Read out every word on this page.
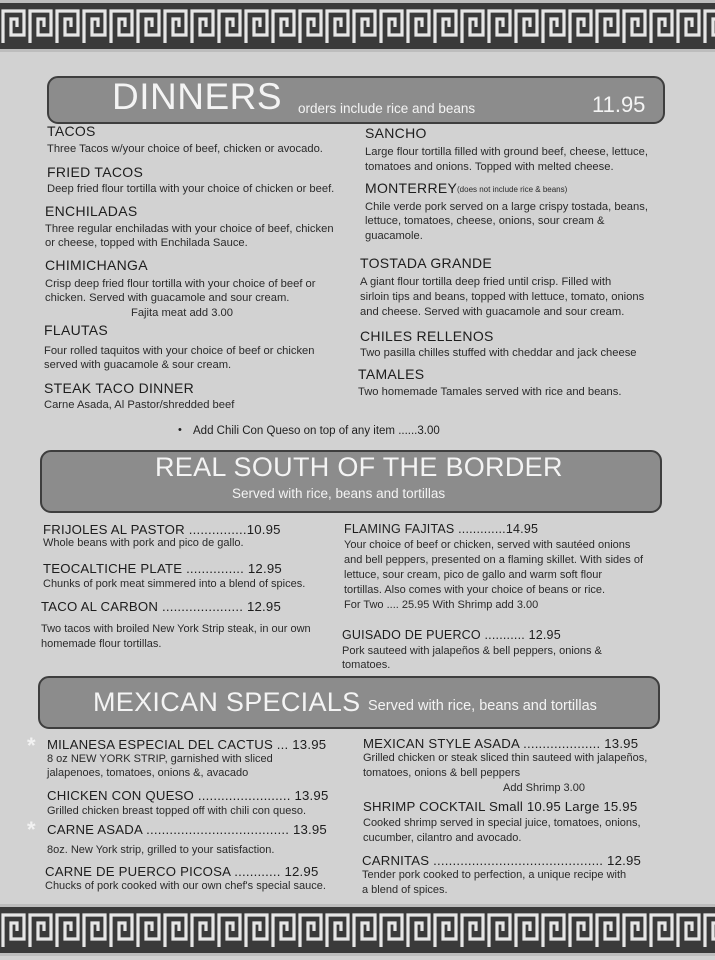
DINNERS orders include rice and beans	11.95
TACOS
Three Tacos w/your choice of beef, chicken or avocado.
FRIED TACOS
Deep fried flour tortilla with your choice of chicken or beef.
ENCHILADAS
Three regular enchiladas with your choice of beef, chicken
or cheese, topped with Enchilada Sauce.
CHIMICHANGA
Crisp deep fried flour tortilla with your choice of beef or
chicken. Served with guacamole and sour cream.
Fajita meat add 3.00
FLAUTAS
Four rolled taquitos with your choice of beef or chicken
served with guacamole & sour cream.
STEAK TACO DINNER
Carne Asada, Al Pastor/shredded beef
SANCHO
Large flour tortilla filled with ground beef, cheese, lettuce,
tomatoes and onions. Topped with melted cheese.
MONTERREY (does not include rice & beans)
Chile verde pork served on a large crispy tostada, beans,
lettuce, tomatoes, cheese, onions, sour cream &
guacamole.
TOSTADA GRANDE
A giant flour tortilla deep fried until crisp. Filled with
sirloin tips and beans, topped with lettuce, tomato, onions
and cheese. Served with guacamole and sour cream.
CHILES RELLENOS
Two pasilla chilles stuffed with cheddar and jack cheese
TAMALES
Two homemade Tamales served with rice and beans.
• Add Chili Con Queso on top of any item ......3.00
REAL SOUTH OF THE BORDER
Served with rice, beans and tortillas
FRIJOLES AL PASTOR ...............10.95
Whole beans with pork and pico de gallo.
TEOCALTICHE PLATE ............... 12.95
Chunks of pork meat simmered into a blend of spices.
TACO AL CARBON ..................... 12.95
Two tacos with broiled New York Strip steak, in our own
homemade flour tortillas.
FLAMING FAJITAS .............14.95
Your choice of beef or chicken, served with sautéed onions
and bell peppers, presented on a flaming skillet. With sides of
lettuce, sour cream, pico de gallo and warm soft flour
tortillas. Also comes with your choice of beans or rice.
For Two .... 25.95 With Shrimp add 3.00
GUISADO DE PUERCO ........... 12.95
Pork sauteed with jalapeños & bell peppers, onions &
tomatoes.
MEXICAN SPECIALS Served with rice, beans and tortillas
* MILANESA ESPECIAL DEL CACTUS ... 13.95
8 oz NEW YORK STRIP, garnished with sliced
jalapenoes, tomatoes, onions &, avacado
CHICKEN CON QUESO ........................ 13.95
Grilled chicken breast topped off with chili con queso.
* CARNE ASADA ..................................... 13.95
8oz. New York strip, grilled to your satisfaction.
CARNE DE PUERCO PICOSA ............ 12.95
Chucks of pork cooked with our own chef's special sauce.
MEXICAN STYLE ASADA .................... 13.95
Grilled chicken or steak sliced thin sauteed with jalapeños,
tomatoes, onions & bell peppers
Add Shrimp 3.00
SHRIMP COCKTAIL Small 10.95 Large 15.95
Cooked shrimp served in special juice, tomatoes, onions,
cucumber, cilantro and avocado.
CARNITAS ............................................ 12.95
Tender pork cooked to perfection, a unique recipe with
a blend of spices.
